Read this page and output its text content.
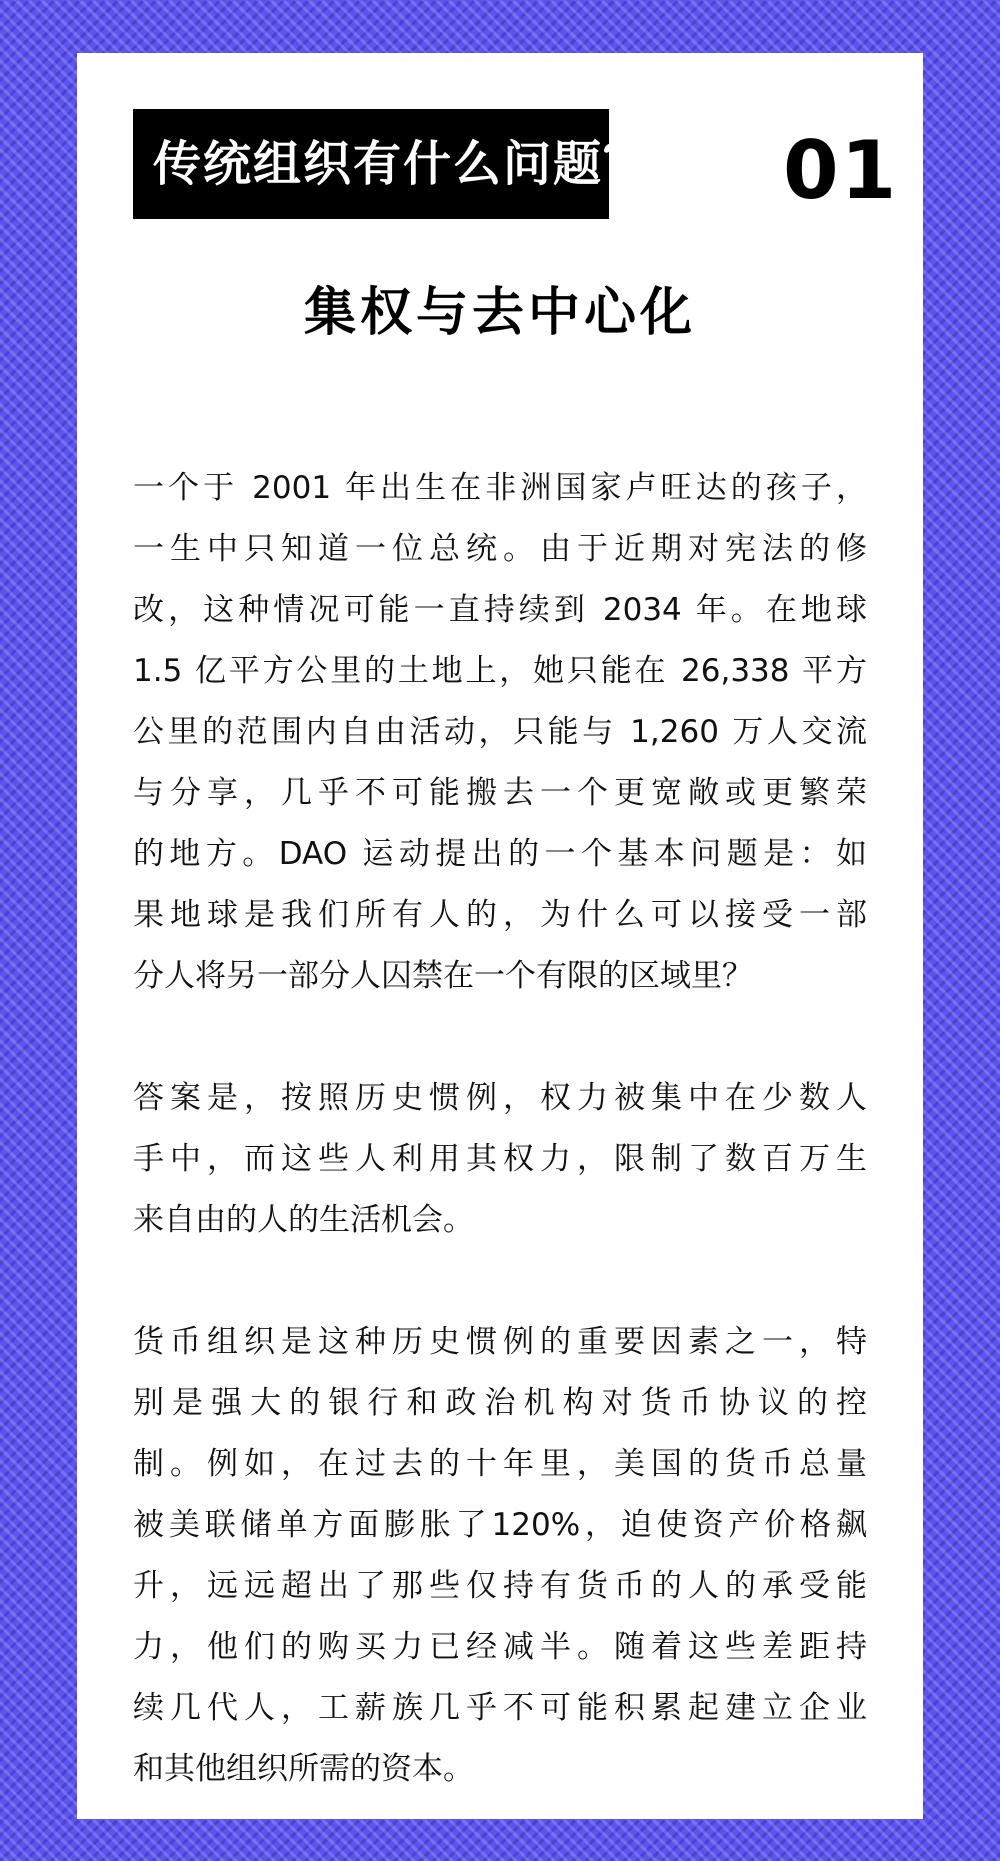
传统组织有什么问题？ 01
集权与去中心化
一个于 2001 年出生在非洲国家卢旺达的孩子，
一生中只知道一位总统。由于近期对宪法的修
改，这种情况可能一直持续到 2034 年。在地球
1.5 亿平方公里的土地上，她只能在 26,338 平方
公里的范围内自由活动，只能与 1,260 万人交流
与分享，几乎不可能搬去一个更宽敞或更繁荣
的地方。DAO 运动提出的一个基本问题是：如
果地球是我们所有人的，为什么可以接受一部
分人将另一部分人囚禁在一个有限的区域里？
答案是，按照历史惯例，权力被集中在少数人
手中，而这些人利用其权力，限制了数百万生
来自由的人的生活机会。
货币组织是这种历史惯例的重要因素之一，特
别是强大的银行和政治机构对货币协议的控
制。例如，在过去的十年里，美国的货币总量
被美联储单方面膨胀了120%，迫使资产价格飙
升，远远超出了那些仅持有货币的人的承受能
力，他们的购买力已经减半。随着这些差距持
续几代人，工薪族几乎不可能积累起建立企业
和其他组织所需的资本。
